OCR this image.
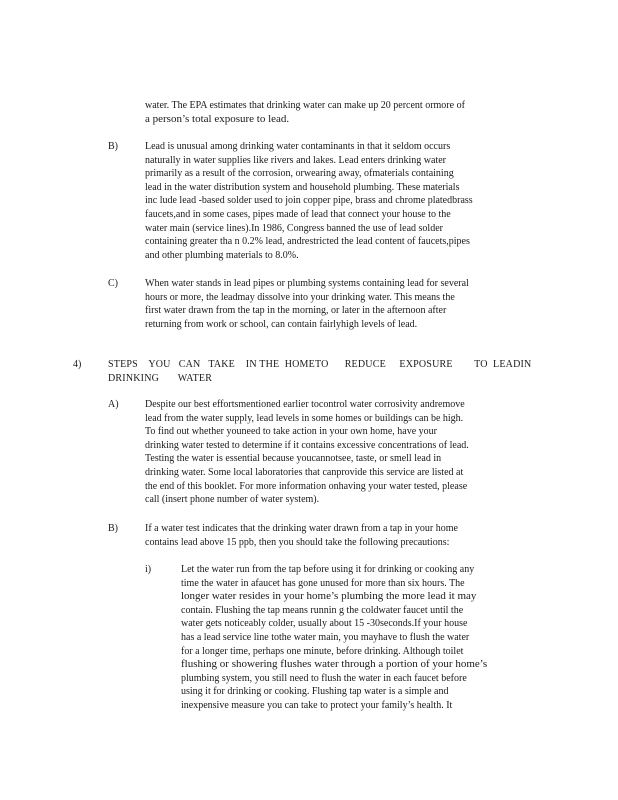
water. The EPA estimates that drinking water can make up 20 percent ormore of
a person’s total exposure to lead.
B)	Lead is unusual among drinking water contaminants in that it seldom occurs
naturally in water supplies like rivers and lakes. Lead enters drinking water
primarily as a result of the corrosion, orwearing away, ofmaterials containing
lead in the water distribution system and household plumbing. These materials
inc lude lead -based solder used to join copper pipe, brass and chrome platedbrass
faucets,and in some cases, pipes made of lead that connect your house to the
water main (service lines).In 1986, Congress banned the use of lead solder
containing greater tha n 0.2% lead, andrestricted the lead content of faucets,pipes
and other plumbing materials to 8.0%.
C)	When water stands in lead pipes or plumbing systems containing lead for several
hours or more, the leadmay dissolve into your drinking water. This means the
first water drawn from the tap in the morning, or later in the afternoon after
returning from work or school, can contain fairlyhigh levels of lead.
4)	STEPS    YOU   CAN   TAKE    IN THE  HOMETO      REDUCE     EXPOSURE        TO  LEADIN
DRINKING       WATER
A)	Despite our best effortsmentioned earlier tocontrol water corrosivity andremove
lead from the water supply, lead levels in some homes or buildings can be high.
To find out whether youneed to take action in your own home, have your
drinking water tested to determine if it contains excessive concentrations of lead.
Testing the water is essential because youcannotsee, taste, or smell lead in
drinking water. Some local laboratories that canprovide this service are listed at
the end of this booklet. For more information onhaving your water tested, please
call (insert phone number of water system).
B)	If a water test indicates that the drinking water drawn from a tap in your home
contains lead above 15 ppb, then you should take the following precautions:
i)	Let the water run from the tap before using it for drinking or cooking any
time the water in afaucet has gone unused for more than six hours. The
longer water resides in your home’s plumbing the more lead it may
contain. Flushing the tap means runnin g the coldwater faucet until the
water gets noticeably colder, usually about 15 -30seconds.If your house
has a lead service line tothe water main, you mayhave to flush the water
for a longer time, perhaps one minute, before drinking. Although toilet
flushing or showering flushes water through a portion of your home’s
plumbing system, you still need to flush the water in each faucet before
using it for drinking or cooking. Flushing tap water is a simple and
inexpensive measure you can take to protect your family’s health. It
